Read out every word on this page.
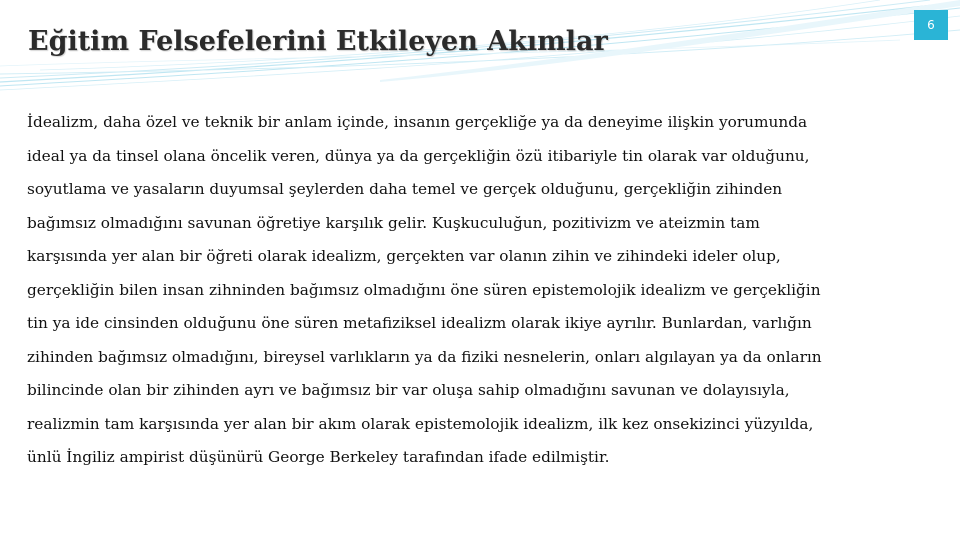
6
Eğitim Felsefelerini Etkileyen Akımlar
İdealizm, daha özel ve teknik bir anlam içinde, insanın gerçekliğe ya da deneyime ilişkin yorumunda
ideal ya da tinsel olana öncelik veren, dünya ya da gerçekliğin özü itibariyle tin olarak var olduğunu,
soyutlama ve yasaların duyumsal şeylerden daha temel ve gerçek olduğunu, gerçekliğin zihinden
bağımsız olmadığını savunan öğretiye karşılık gelir. Kuşkuculuğun, pozitivizm ve ateizmin tam
karşısında yer alan bir öğreti olarak idealizm, gerçekten var olanın zihin ve zihindeki ideler olup,
gerçekliğin bilen insan zihninden bağımsız olmadığını öne süren epistemolojik idealizm ve gerçekliğin
tin ya ide cinsinden olduğunu öne süren metafiziksel idealizm olarak ikiye ayrılır. Bunlardan, varlığın
zihinden bağımsız olmadığını, bireysel varlıkların ya da fiziki nesnelerin, onları algılayan ya da onların
bilincinde olan bir zihinden ayrı ve bağımsız bir var oluşa sahip olmadığını savunan ve dolayısıyla,
realizmin tam karşısında yer alan bir akım olarak epistemolojik idealizm, ilk kez onsekizinci yüzyılda,
ünlü İngiliz ampirist düşünürü George Berkeley tarafından ifade edilmiştir.
